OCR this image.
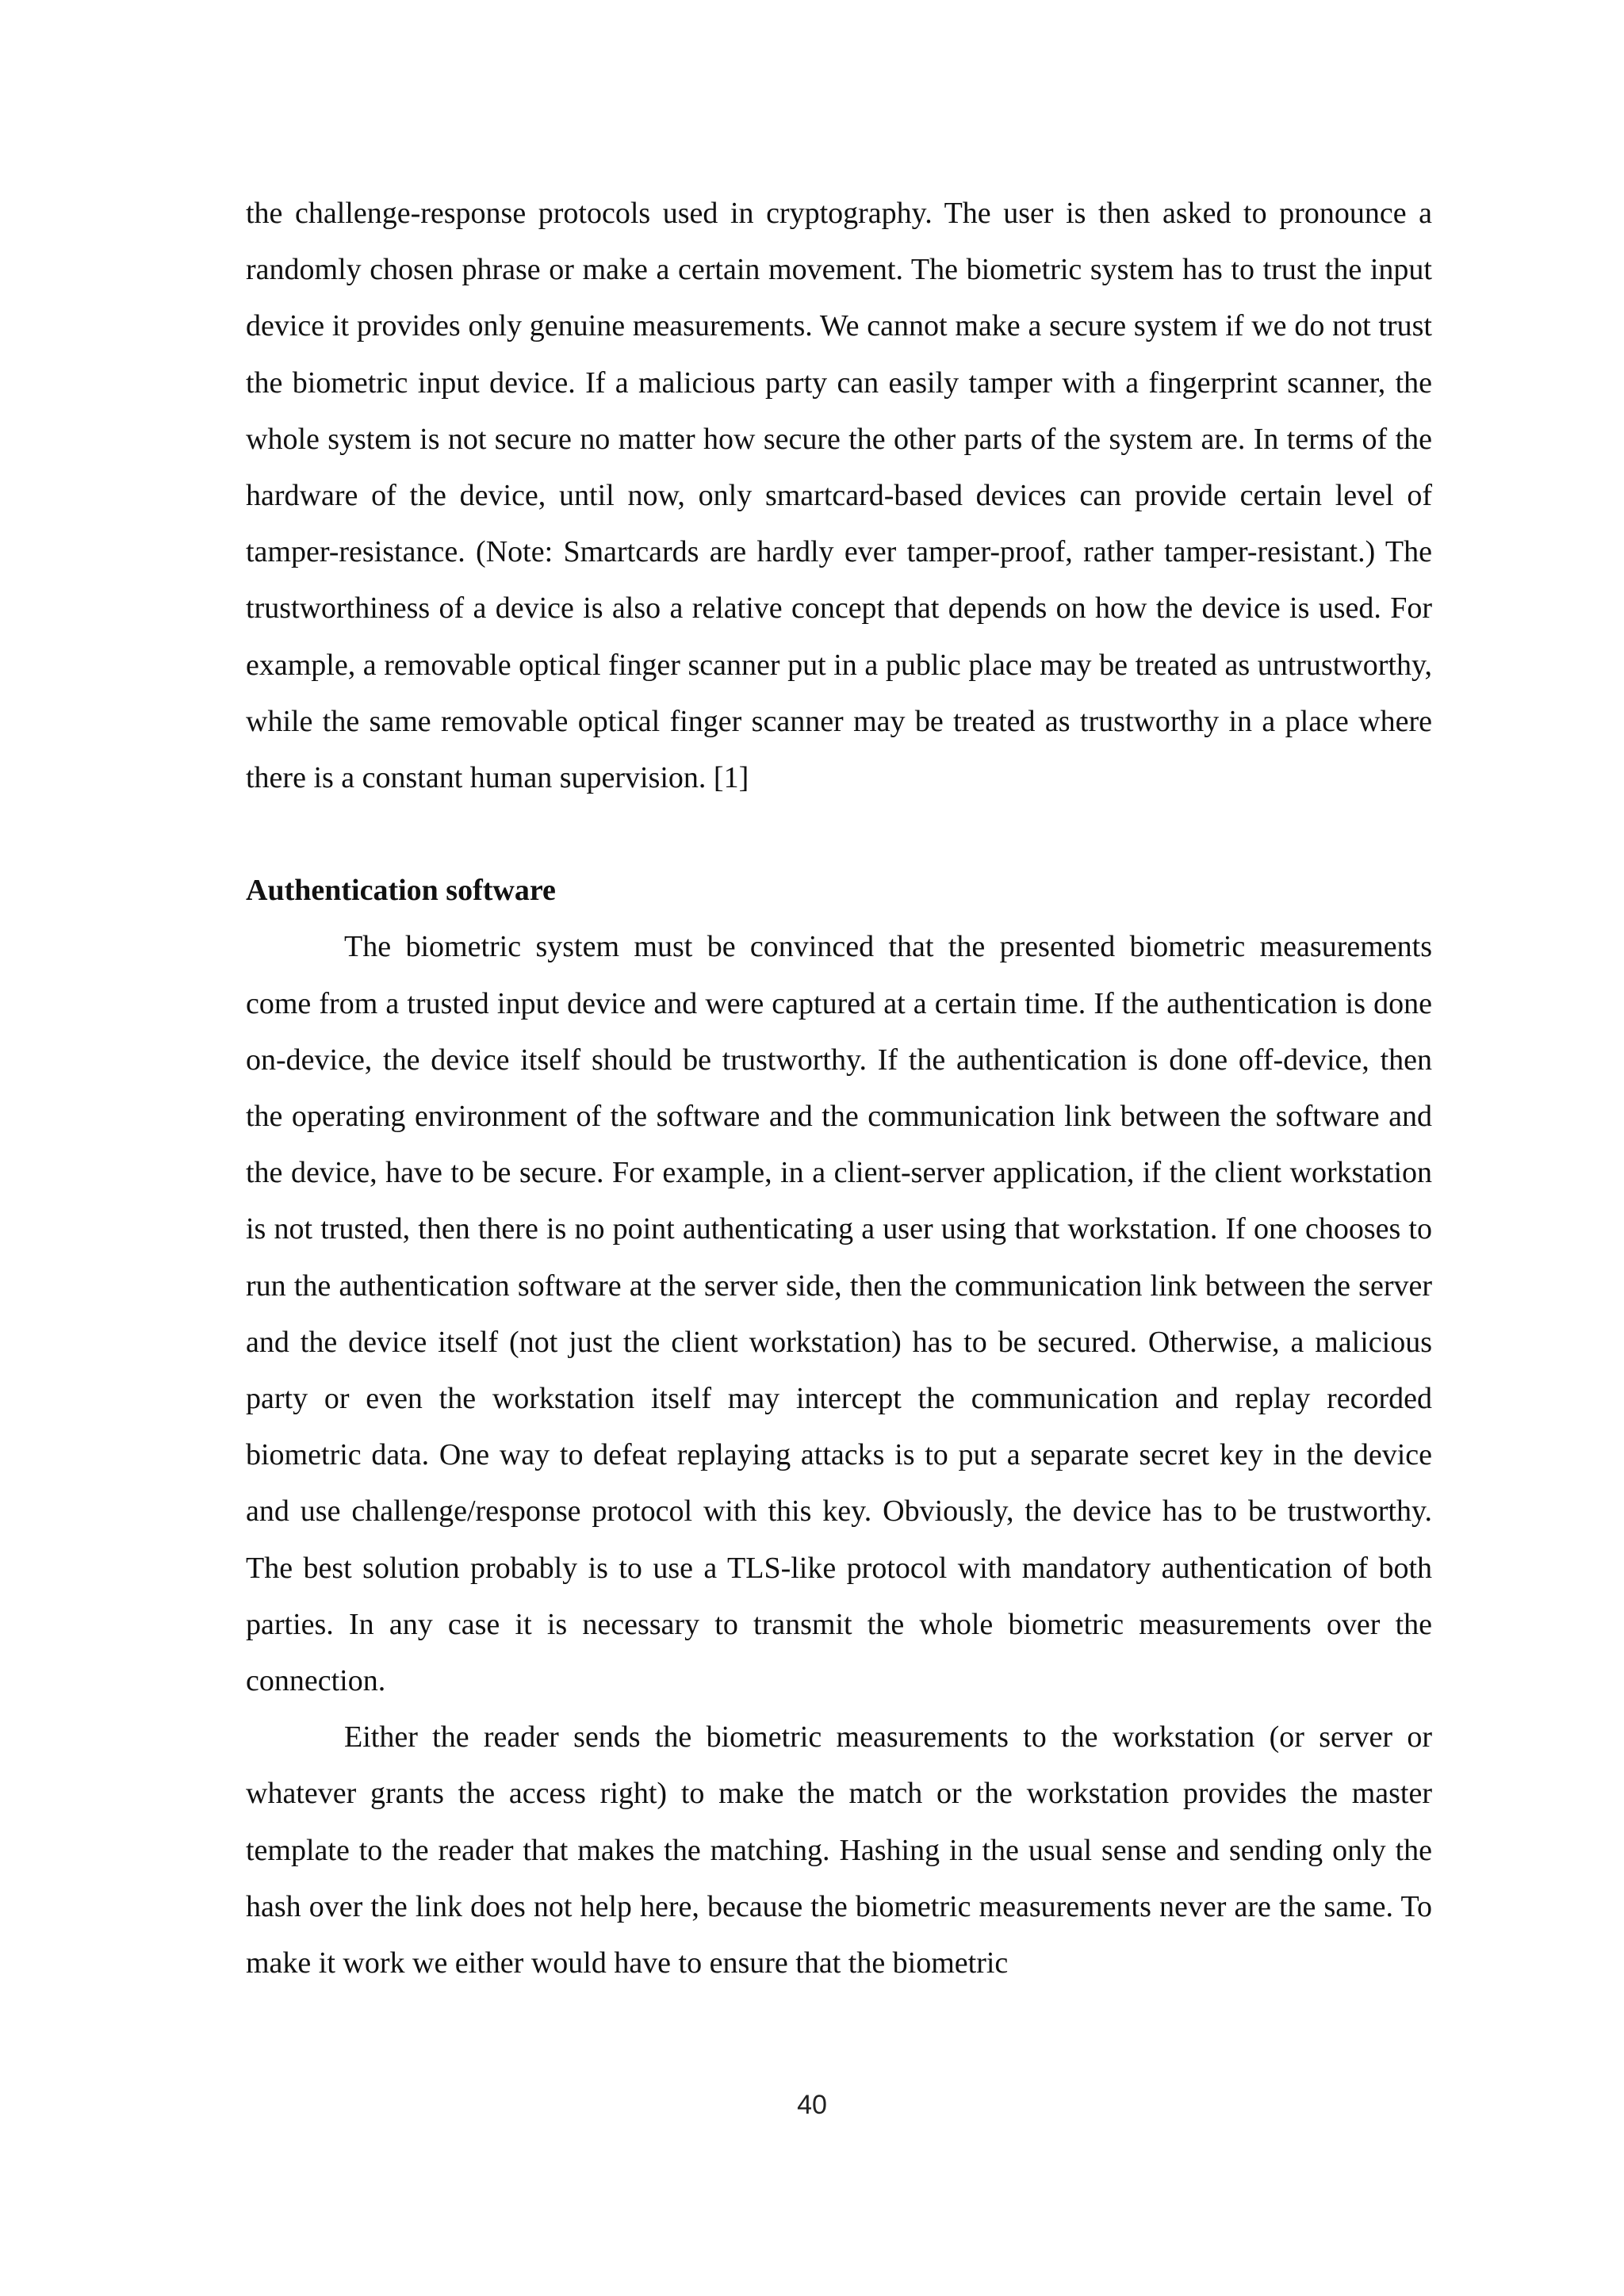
the challenge-response protocols used in cryptography. The user is then asked to pronounce a randomly chosen phrase or make a certain movement. The biometric system has to trust the input device it provides only genuine measurements. We cannot make a secure system if we do not trust the biometric input device. If a malicious party can easily tamper with a fingerprint scanner, the whole system is not secure no matter how secure the other parts of the system are. In terms of the hardware of the device, until now, only smartcard-based devices can provide certain level of tamper-resistance. (Note: Smartcards are hardly ever tamper-proof, rather tamper-resistant.) The trustworthiness of a device is also a relative concept that depends on how the device is used. For example, a removable optical finger scanner put in a public place may be treated as untrustworthy, while the same removable optical finger scanner may be treated as trustworthy in a place where there is a constant human supervision. [1]

Authentication software

The biometric system must be convinced that the presented biometric measurements come from a trusted input device and were captured at a certain time. If the authentication is done on-device, the device itself should be trustworthy. If the authentication is done off-device, then the operating environment of the software and the communication link between the software and the device, have to be secure. For example, in a client-server application, if the client workstation is not trusted, then there is no point authenticating a user using that workstation. If one chooses to run the authentication software at the server side, then the communication link between the server and the device itself (not just the client workstation) has to be secured. Otherwise, a malicious party or even the workstation itself may intercept the communication and replay recorded biometric data. One way to defeat replaying attacks is to put a separate secret key in the device and use challenge/response protocol with this key. Obviously, the device has to be trustworthy. The best solution probably is to use a TLS-like protocol with mandatory authentication of both parties. In any case it is necessary to transmit the whole biometric measurements over the connection.

Either the reader sends the biometric measurements to the workstation (or server or whatever grants the access right) to make the match or the workstation provides the master template to the reader that makes the matching. Hashing in the usual sense and sending only the hash over the link does not help here, because the biometric measurements never are the same. To make it work we either would have to ensure that the biometric

40
